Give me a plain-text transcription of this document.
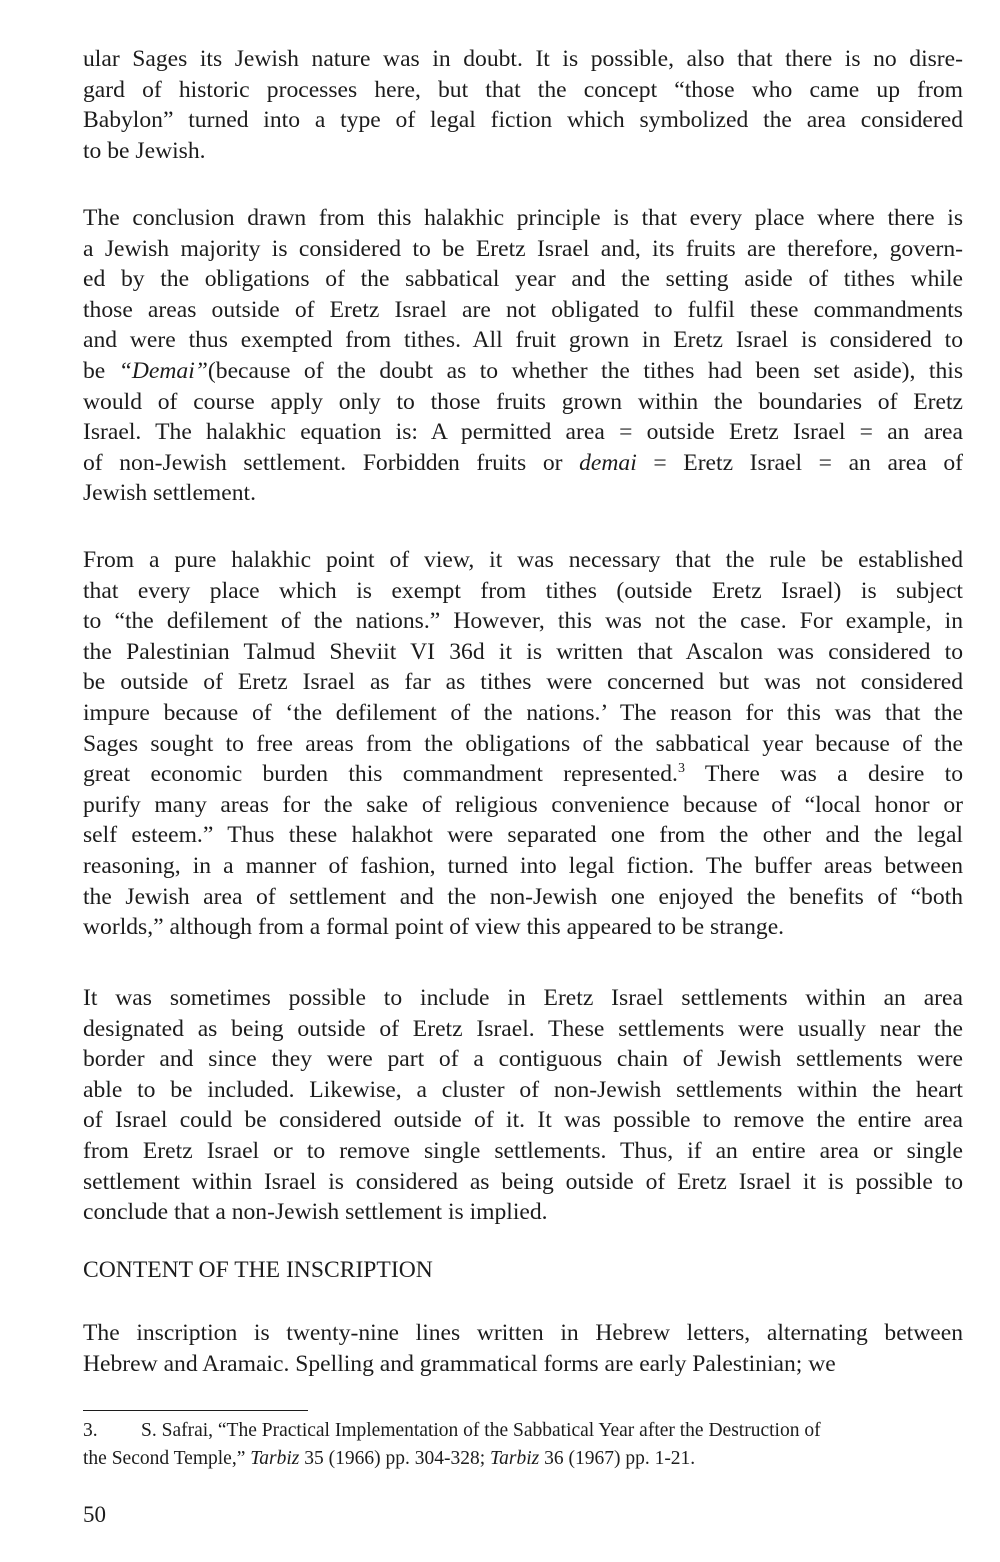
ular Sages its Jewish nature was in doubt. It is possible, also that there is no disre-
gard of historic processes here, but that the concept “those who came up from
Babylon” turned into a type of legal fiction which symbolized the area considered
to be Jewish.
The conclusion drawn from this halakhic principle is that every place where there is
a Jewish majority is considered to be Eretz Israel and, its fruits are therefore, govern-
ed by the obligations of the sabbatical year and the setting aside of tithes while
those areas outside of Eretz Israel are not obligated to fulfil these commandments
and were thus exempted from tithes. All fruit grown in Eretz Israel is considered to
be “Demai”(because of the doubt as to whether the tithes had been set aside), this
would of course apply only to those fruits grown within the boundaries of Eretz
Israel. The halakhic equation is: A permitted area = outside Eretz Israel = an area
of non-Jewish settlement. Forbidden fruits or demai = Eretz Israel = an area of
Jewish settlement.
From a pure halakhic point of view, it was necessary that the rule be established
that every place which is exempt from tithes (outside Eretz Israel) is subject
to “the defilement of the nations.” However, this was not the case. For example, in
the Palestinian Talmud Sheviit VI 36d it is written that Ascalon was considered to
be outside of Eretz Israel as far as tithes were concerned but was not considered
impure because of ‘the defilement of the nations.’ The reason for this was that the
Sages sought to free areas from the obligations of the sabbatical year because of the
great economic burden this commandment represented.$^3$ There was a desire to
purify many areas for the sake of religious convenience because of “local honor or
self esteem.” Thus these halakhot were separated one from the other and the legal
reasoning, in a manner of fashion, turned into legal fiction. The buffer areas between
the Jewish area of settlement and the non-Jewish one enjoyed the benefits of “both
worlds,” although from a formal point of view this appeared to be strange.
It was sometimes possible to include in Eretz Israel settlements within an area
designated as being outside of Eretz Israel. These settlements were usually near the
border and since they were part of a contiguous chain of Jewish settlements were
able to be included. Likewise, a cluster of non-Jewish settlements within the heart
of Israel could be considered outside of it. It was possible to remove the entire area
from Eretz Israel or to remove single settlements. Thus, if an entire area or single
settlement within Israel is considered as being outside of Eretz Israel it is possible to
conclude that a non-Jewish settlement is implied.
CONTENT OF THE INSCRIPTION
The inscription is twenty-nine lines written in Hebrew letters, alternating between
Hebrew and Aramaic. Spelling and grammatical forms are early Palestinian; we
3. S. Safrai, “The Practical Implementation of the Sabbatical Year after the Destruction of
the Second Temple,” Tarbiz 35 (1966) pp. 304-328; Tarbiz 36 (1967) pp. 1-21.
50
